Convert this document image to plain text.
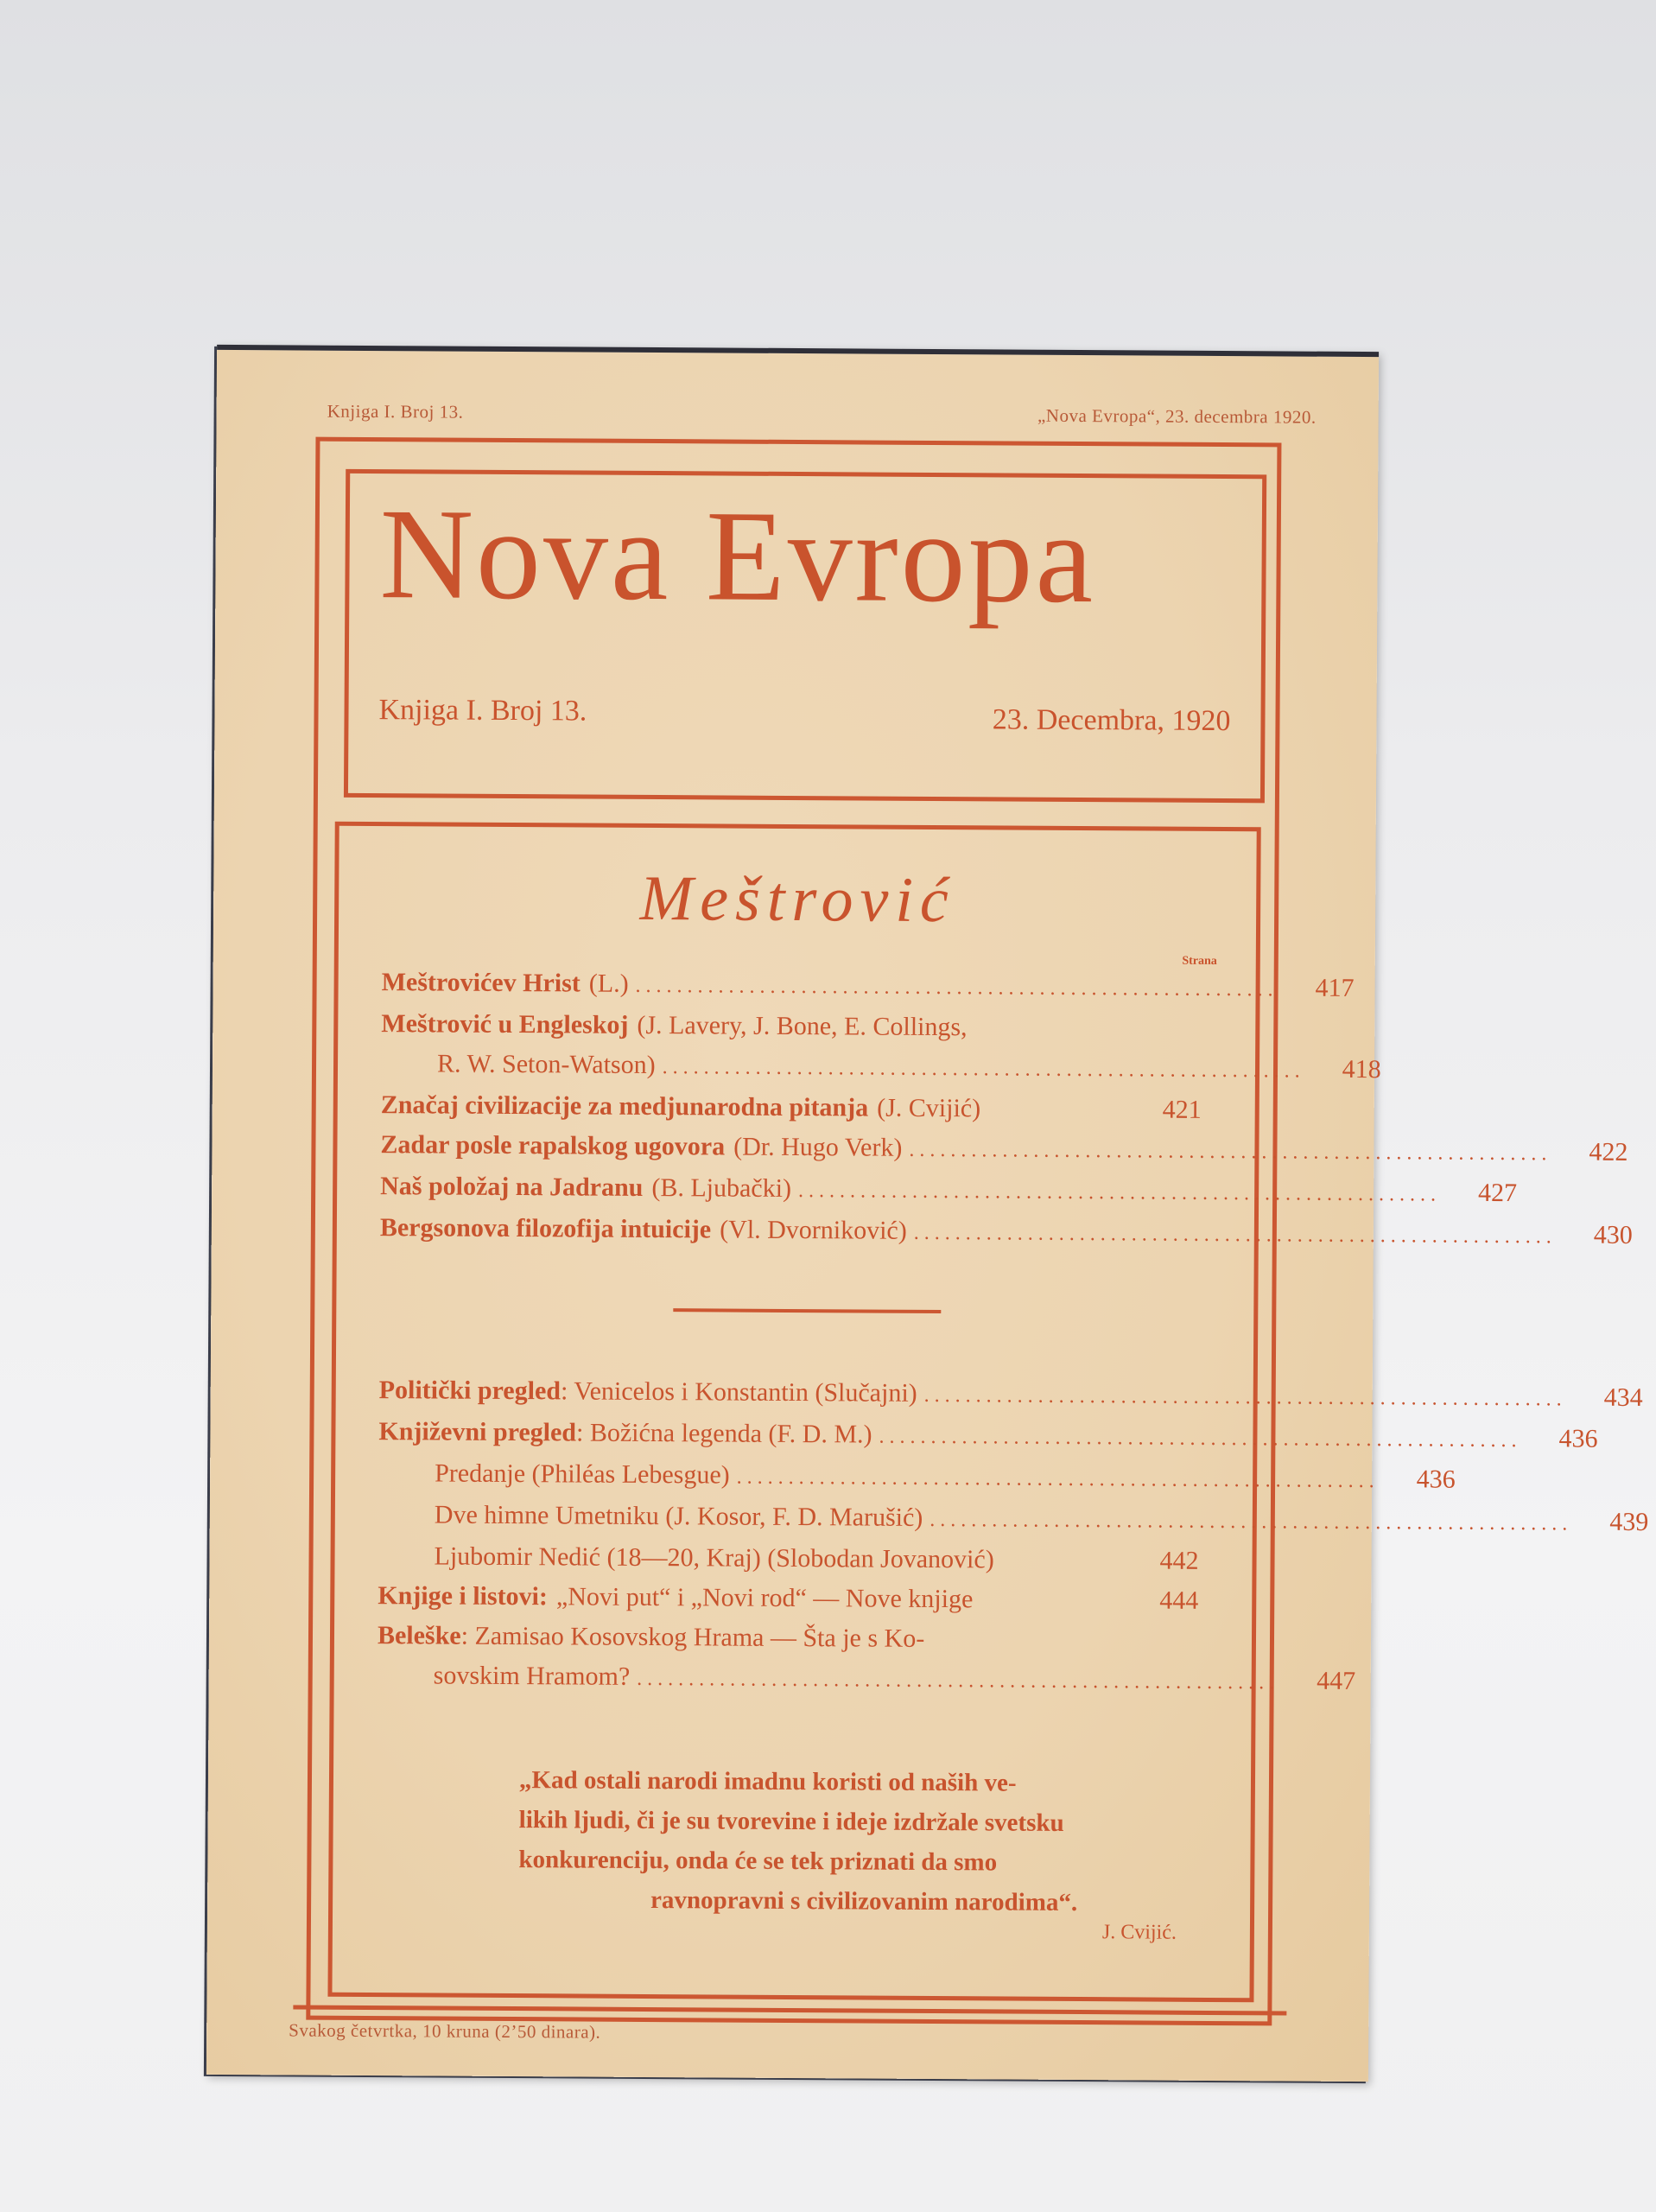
Knjiga I. Broj 13.	„Nova Evropa“, 23. decembra 1920.
Nova Evropa
Knjiga I. Broj 13.	23. Decembra, 1920
Meštrović
Strana
Meštrovićev Hrist (L.) ..............................................................	417
Meštrović u Engleskoj (J. Lavery, J. Bone, E. Collings,
R. W. Seton-Watson) ..............................................................	418
Značaj civilizacije za medjunarodna pitanja (J. Cvijić)	421
Zadar posle rapalskog ugovora (Dr. Hugo Verk) ..............................................................	422
Naš položaj na Jadranu (B. Ljubački) ..............................................................	427
Bergsonova filozofija intuicije (Vl. Dvorniković) ..............................................................	430
Politički pregled : Venicelos i Konstantin (Slučajni) ..............................................................	434
Književni pregled : Božićna legenda (F. D. M.) ..............................................................	436
Predanje (Philéas Lebesgue) ..............................................................	436
Dve himne Umetniku (J. Kosor, F. D. Marušić) ..............................................................	439
Ljubomir Nedić (18—20, Kraj) (Slobodan Jovanović)	442
Knjige i listovi: „Novi put“ i „Novi rod“ — Nove knjige	444
Beleške : Zamisao Kosovskog Hrama — Šta je s Ko-
sovskim Hramom? ..............................................................	447
„Kad ostali narodi imadnu koristi od naših ve-
likih ljudi, či je su tvorevine i ideje izdržale svetsku
konkurenciju, onda će se tek priznati da smo
ravnopravni s civilizovanim narodima“.
J. Cvijić.
Svakog četvrtka, 10 kruna (2’50 dinara).
